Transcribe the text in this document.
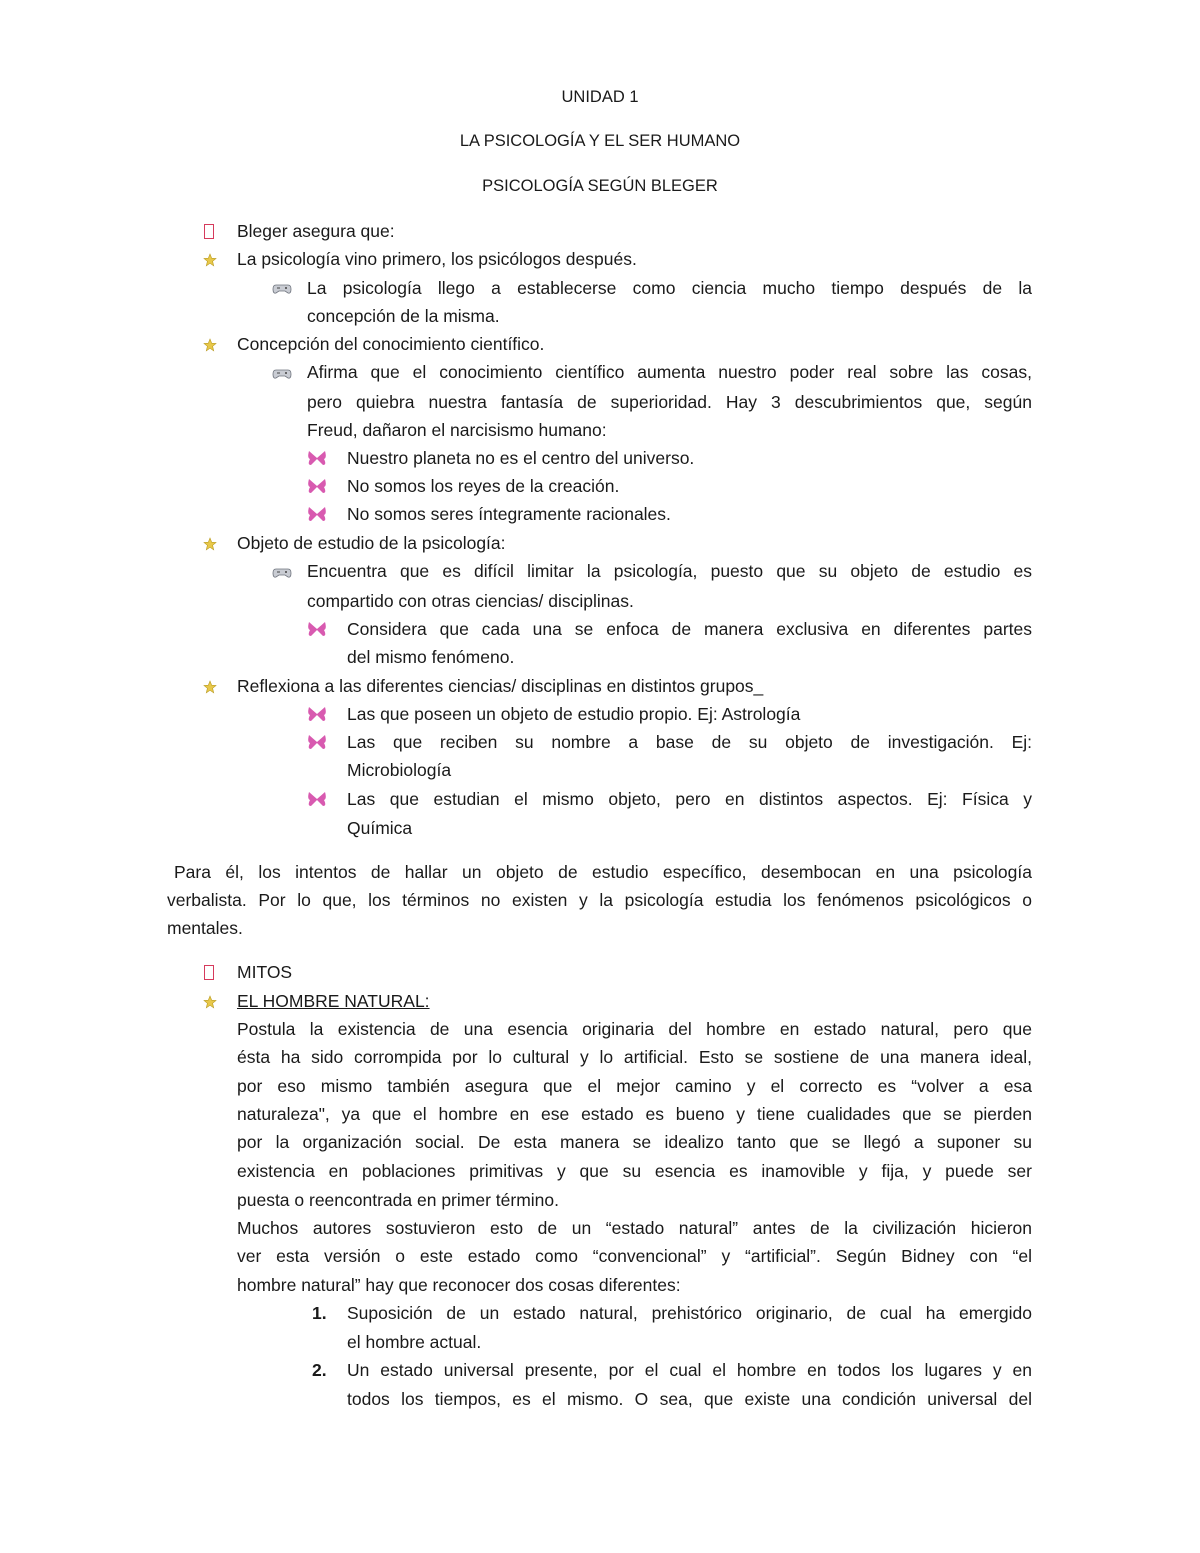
UNIDAD 1
LA PSICOLOGÍA Y EL SER HUMANO
PSICOLOGÍA SEGÚN BLEGER
Bleger asegura que:
La psicología vino primero, los psicólogos después.
La psicología llego a establecerse como ciencia mucho tiempo después de la
concepción de la misma.
Concepción del conocimiento científico.
Afirma que el conocimiento científico aumenta nuestro poder real sobre las cosas,
pero quiebra nuestra fantasía de superioridad. Hay 3 descubrimientos que, según
Freud, dañaron el narcisismo humano:
Nuestro planeta no es el centro del universo.
No somos los reyes de la creación.
No somos seres íntegramente racionales.
Objeto de estudio de la psicología:
Encuentra que es difícil limitar la psicología, puesto que su objeto de estudio es
compartido con otras ciencias/ disciplinas.
Considera que cada una se enfoca de manera exclusiva en diferentes partes
del mismo fenómeno.
Reflexiona a las diferentes ciencias/ disciplinas en distintos grupos_
Las que poseen un objeto de estudio propio. Ej: Astrología
Las que reciben su nombre a base de su objeto de investigación. Ej:
Microbiología
Las que estudian el mismo objeto, pero en distintos aspectos. Ej: Física y
Química
Para él, los intentos de hallar un objeto de estudio específico, desembocan en una psicología
verbalista. Por lo que, los términos no existen y la psicología estudia los fenómenos psicológicos o
mentales.
MITOS
EL HOMBRE NATURAL:
Postula la existencia de una esencia originaria del hombre en estado natural, pero que
ésta ha sido corrompida por lo cultural y lo artificial. Esto se sostiene de una manera ideal,
por eso mismo también asegura que el mejor camino y el correcto es “volver a esa
naturaleza", ya que el hombre en ese estado es bueno y tiene cualidades que se pierden
por la organización social. De esta manera se idealizo tanto que se llegó a suponer su
existencia en poblaciones primitivas y que su esencia es inamovible y fija, y puede ser
puesta o reencontrada en primer término.
Muchos autores sostuvieron esto de un “estado natural” antes de la civilización hicieron
ver esta versión o este estado como “convencional” y “artificial”. Según Bidney con “el
hombre natural” hay que reconocer dos cosas diferentes:
1. Suposición de un estado natural, prehistórico originario, de cual ha emergido
el hombre actual.
2. Un estado universal presente, por el cual el hombre en todos los lugares y en
todos los tiempos, es el mismo. O sea, que existe una condición universal del
